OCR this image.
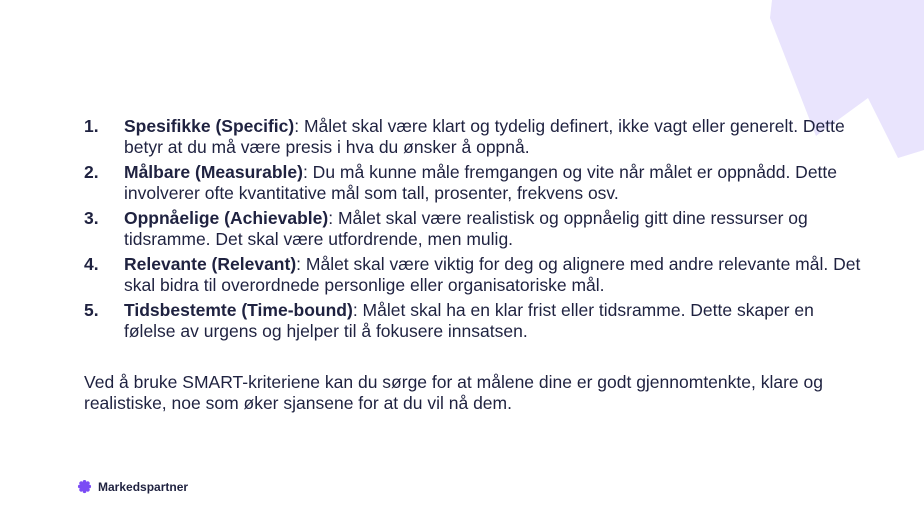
1. Spesifikke (Specific): Målet skal være klart og tydelig definert, ikke vagt eller generelt. Dette betyr at du må være presis i hva du ønsker å oppnå.
2. Målbare (Measurable): Du må kunne måle fremgangen og vite når målet er oppnådd. Dette involverer ofte kvantitative mål som tall, prosenter, frekvens osv.
3. Oppnåelige (Achievable): Målet skal være realistisk og oppnåelig gitt dine ressurser og tidsramme. Det skal være utfordrende, men mulig.
4. Relevante (Relevant): Målet skal være viktig for deg og alignere med andre relevante mål. Det skal bidra til overordnede personlige eller organisatoriske mål.
5. Tidsbestemte (Time-bound): Målet skal ha en klar frist eller tidsramme. Dette skaper en følelse av urgens og hjelper til å fokusere innsatsen.

Ved å bruke SMART-kriteriene kan du sørge for at målene dine er godt gjennomtenkte, klare og realistiske, noe som øker sjansene for at du vil nå dem.

Markedspartner
